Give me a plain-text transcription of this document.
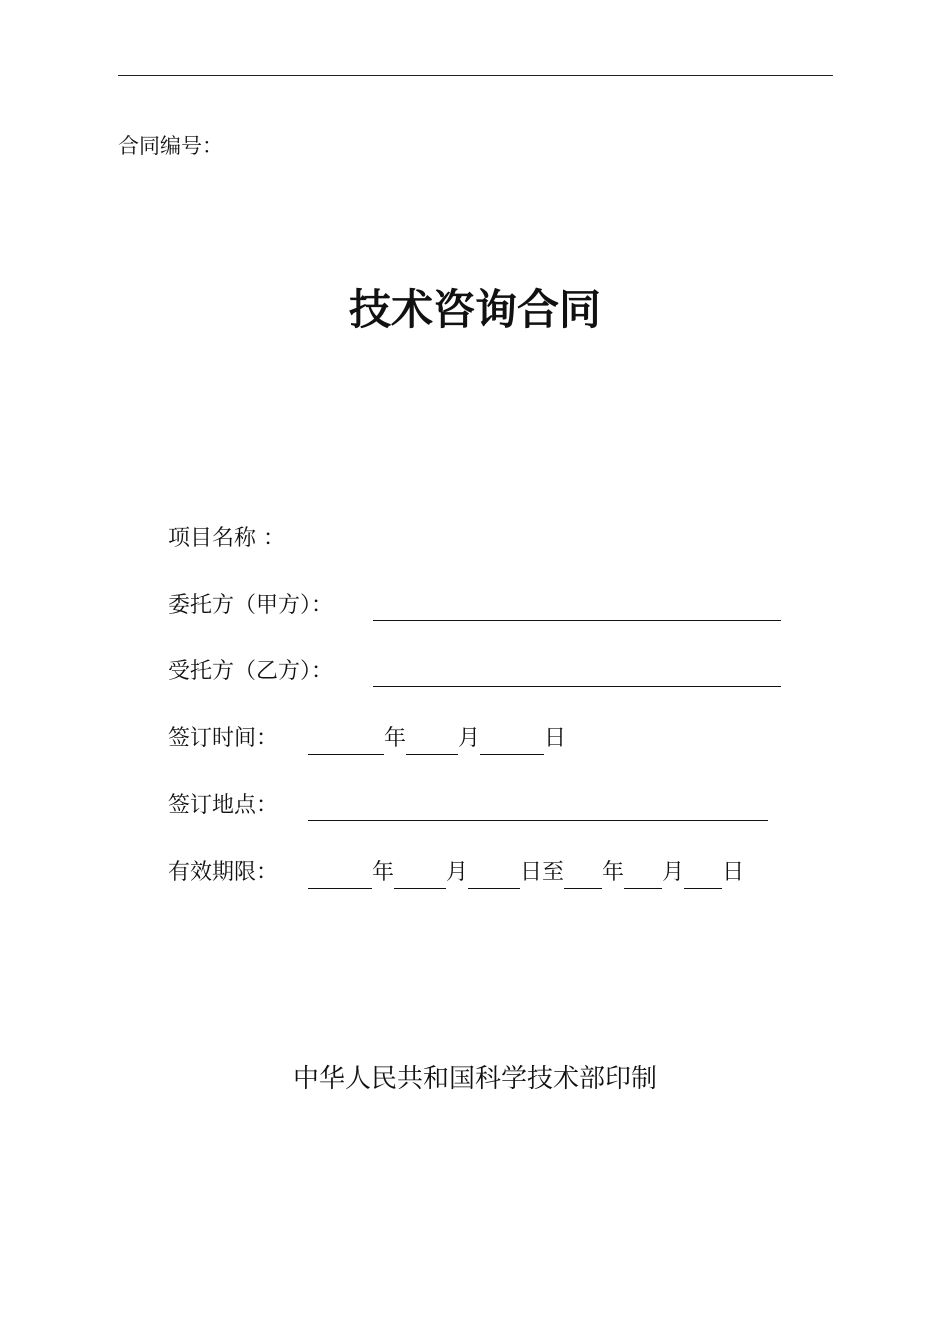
合同编号：
技术咨询合同
项目名称 ：
委托方（甲方）：
受托方（乙方）：
签订时间：	年 月	日
签订地点：
有效期限：	年 月 日至 年 月 日
中华人民共和国科学技术部印制
